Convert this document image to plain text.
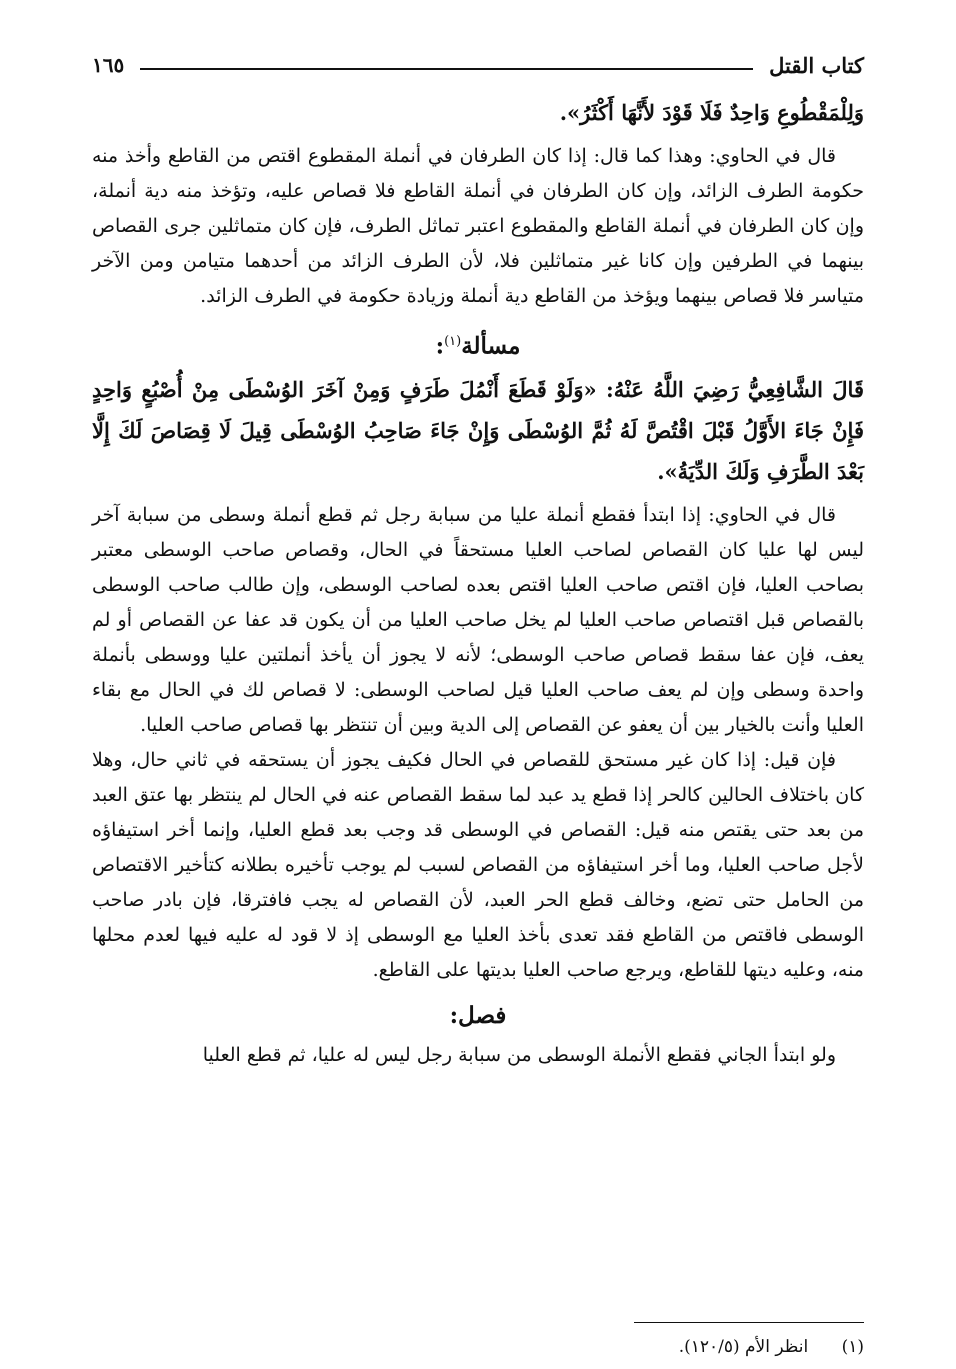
كتاب القتل
١٦٥

وَلِلْمَقْطُوعِ وَاحِدٌ فَلَا قَوْدَ لأَنَّهَا أَكْثَرُ».

قال في الحاوي: وهذا كما قال: إذا كان الطرفان في أنملة المقطوع اقتص من القاطع وأخذ منه حكومة الطرف الزائد، وإن كان الطرفان في أنملة القاطع فلا قصاص عليه، وتؤخذ منه دية أنملة، وإن كان الطرفان في أنملة القاطع والمقطوع اعتبر تماثل الطرف، فإن كان متماثلين جرى القصاص بينهما في الطرفين وإن كانا غير متماثلين فلا، لأن الطرف الزائد من أحدهما متيامن ومن الآخر متياسر فلا قصاص بينهما ويؤخذ من القاطع دية أنملة وزيادة حكومة في الطرف الزائد.

مسألة$^{(١)}$:

قَالَ الشَّافِعِيُّ رَضِيَ اللَّهُ عَنْهُ: «وَلَوْ قَطَعَ أَنْمُلَ طَرَفٍ وَمِنْ آخَرَ الوُسْطَى مِنْ أُصْبُعٍ وَاحِدٍ فَإِنْ جَاءَ الأَوَّلُ قَبْلَ اقْتُصَّ لَهُ ثُمَّ الوُسْطَى وَإِنْ جَاءَ صَاحِبُ الوُسْطَى قِيلَ لَا قِصَاصَ لَكَ إِلَّا بَعْدَ الطَّرَفِ وَلَكَ الدِّيَةُ».

قال في الحاوي: إذا ابتدأ فقطع أنملة عليا من سبابة رجل ثم قطع أنملة وسطى من سبابة آخر ليس لها عليا كان القصاص لصاحب العليا مستحقاً في الحال، وقصاص صاحب الوسطى معتبر بصاحب العليا، فإن اقتص صاحب العليا اقتص بعده لصاحب الوسطى، وإن طالب صاحب الوسطى بالقصاص قبل اقتصاص صاحب العليا لم يخل صاحب العليا من أن يكون قد عفا عن القصاص أو لم يعف، فإن عفا سقط قصاص صاحب الوسطى؛ لأنه لا يجوز أن يأخذ أنملتين عليا ووسطى بأنملة واحدة وسطى وإن لم يعف صاحب العليا قيل لصاحب الوسطى: لا قصاص لك في الحال مع بقاء العليا وأنت بالخيار بين أن يعفو عن القصاص إلى الدية وبين أن تنتظر بها قصاص صاحب العليا.

فإن قيل: إذا كان غير مستحق للقصاص في الحال فكيف يجوز أن يستحقه في ثاني حال، وهلا كان باختلاف الحالين كالحر إذا قطع يد عبد لما سقط القصاص عنه في الحال لم ينتظر بها عتق العبد من بعد حتى يقتص منه قيل: القصاص في الوسطى قد وجب بعد قطع العليا، وإنما أخر استيفاؤه لأجل صاحب العليا، وما أخر استيفاؤه من القصاص لسبب لم يوجب تأخيره بطلانه كتأخير الاقتصاص من الحامل حتى تضع، وخالف قطع الحر العبد، لأن القصاص له يجب فافترقا، فإن بادر صاحب الوسطى فاقتص من القاطع فقد تعدى بأخذ العليا مع الوسطى إذ لا قود له عليه فيها لعدم محلها منه، وعليه ديتها للقاطع، ويرجع صاحب العليا بديتها على القاطع.

فصل:

ولو ابتدأ الجاني فقطع الأنملة الوسطى من سبابة رجل ليس له عليا، ثم قطع العليا

(١) انظر الأم (١٢٠/٥).
